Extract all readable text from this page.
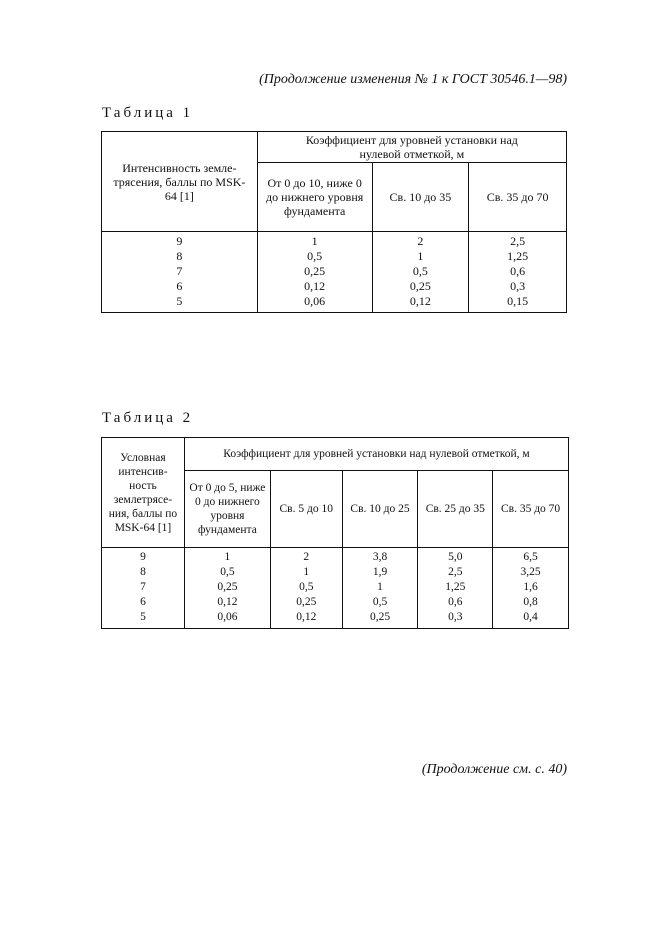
(Продолжение изменения № 1 к ГОСТ 30546.1—98)
Таблица 1
Интенсивность земле-трясения, баллы по MSK-64 [1]	Коэффициент для уровней установки над нулевой отметкой, м		
	От 0 до 10, ниже 0 до нижнего уровня фундамента	Св. 10 до 35	Св. 35 до 70
9	1	2	2,5
8	0,5	1	1,25
7	0,25	0,5	0,6
6	0,12	0,25	0,3
5	0,06	0,12	0,15
Таблица 2
Условная интенсив-ность землетрясе-ния, баллы по MSK-64 [1]	Коэффициент для уровней установки над нулевой отметкой, м				
	От 0 до 5, ниже 0 до нижнего уровня фундамента	Св. 5 до 10	Св. 10 до 25	Св. 25 до 35	Св. 35 до 70
9	1	2	3,8	5,0	6,5
8	0,5	1	1,9	2,5	3,25
7	0,25	0,5	1	1,25	1,6
6	0,12	0,25	0,5	0,6	0,8
5	0,06	0,12	0,25	0,3	0,4
(Продолжение см. с. 40)
